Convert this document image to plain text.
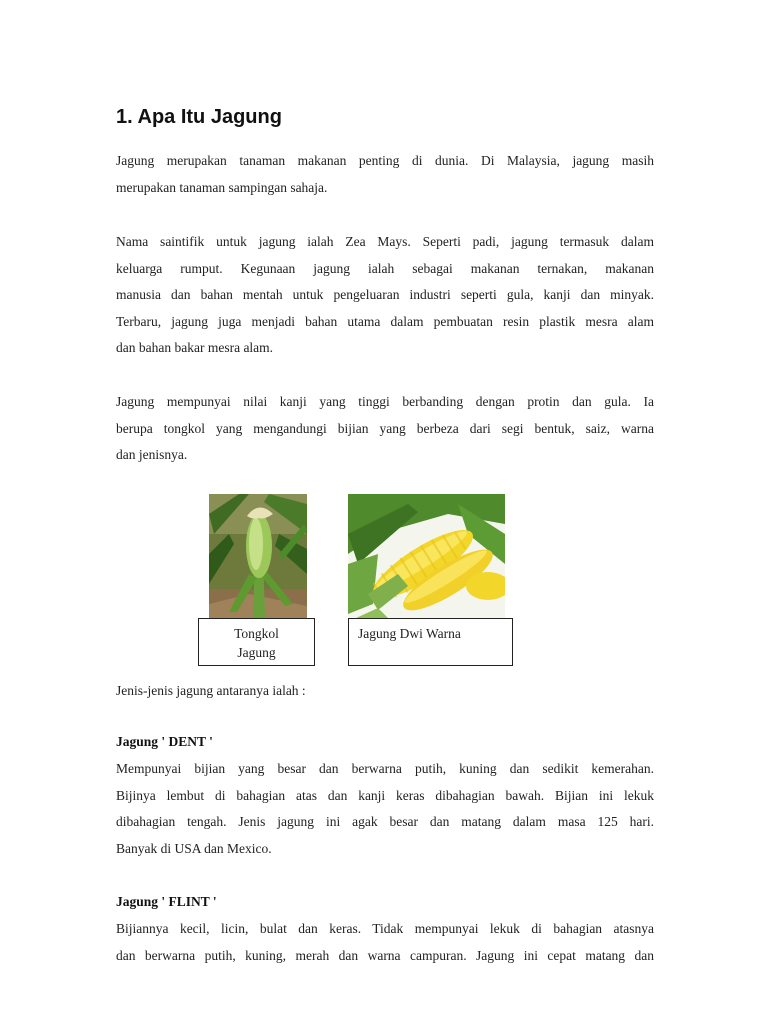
1. Apa Itu Jagung
Jagung merupakan tanaman makanan penting di dunia. Di Malaysia, jagung masih
merupakan tanaman sampingan sahaja.
Nama saintifik untuk jagung ialah Zea Mays. Seperti padi, jagung termasuk dalam
keluarga rumput. Kegunaan jagung ialah sebagai makanan ternakan, makanan
manusia dan bahan mentah untuk pengeluaran industri seperti gula, kanji dan minyak.
Terbaru, jagung juga menjadi bahan utama dalam pembuatan resin plastik mesra alam
dan bahan bakar mesra alam.
Jagung mempunyai nilai kanji yang tinggi berbanding dengan protin dan gula. Ia
berupa tongkol yang mengandungi bijian yang berbeza dari segi bentuk, saiz, warna
dan jenisnya.
Tongkol
Jagung
Jagung Dwi Warna
Jenis-jenis jagung antaranya ialah :
Jagung ' DENT '
Mempunyai bijian yang besar dan berwarna putih, kuning dan sedikit kemerahan.
Bijinya lembut di bahagian atas dan kanji keras dibahagian bawah. Bijian ini lekuk
dibahagian tengah. Jenis jagung ini agak besar dan matang dalam masa 125 hari.
Banyak di USA dan Mexico.
Jagung ' FLINT '
Bijiannya kecil, licin, bulat dan keras. Tidak mempunyai lekuk di bahagian atasnya
dan berwarna putih, kuning, merah dan warna campuran. Jagung ini cepat matang dan
